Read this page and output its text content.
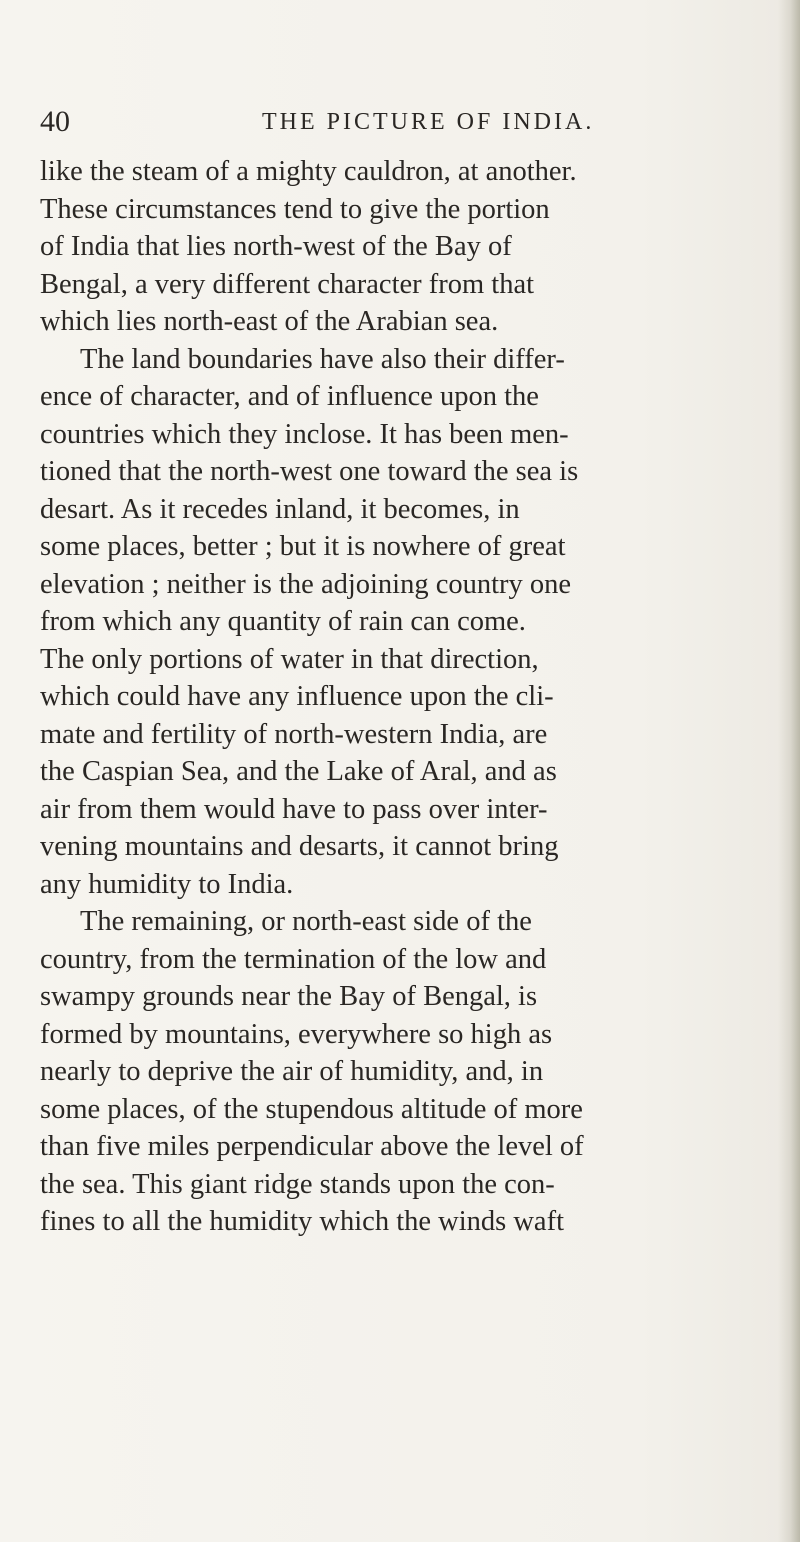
40	THE PICTURE OF INDIA.
like the steam of a mighty cauldron, at another.
These circumstances tend to give the portion
of India that lies north-west of the Bay of
Bengal, a very different character from that
which lies north-east of the Arabian sea.
The land boundaries have also their differ-
ence of character, and of influence upon the
countries which they inclose. It has been men-
tioned that the north-west one toward the sea is
desart. As it recedes inland, it becomes, in
some places, better ; but it is nowhere of great
elevation ; neither is the adjoining country one
from which any quantity of rain can come.
The only portions of water in that direction,
which could have any influence upon the cli-
mate and fertility of north-western India, are
the Caspian Sea, and the Lake of Aral, and as
air from them would have to pass over inter-
vening mountains and desarts, it cannot bring
any humidity to India.
The remaining, or north-east side of the
country, from the termination of the low and
swampy grounds near the Bay of Bengal, is
formed by mountains, everywhere so high as
nearly to deprive the air of humidity, and, in
some places, of the stupendous altitude of more
than five miles perpendicular above the level of
the sea. This giant ridge stands upon the con-
fines to all the humidity which the winds waft
